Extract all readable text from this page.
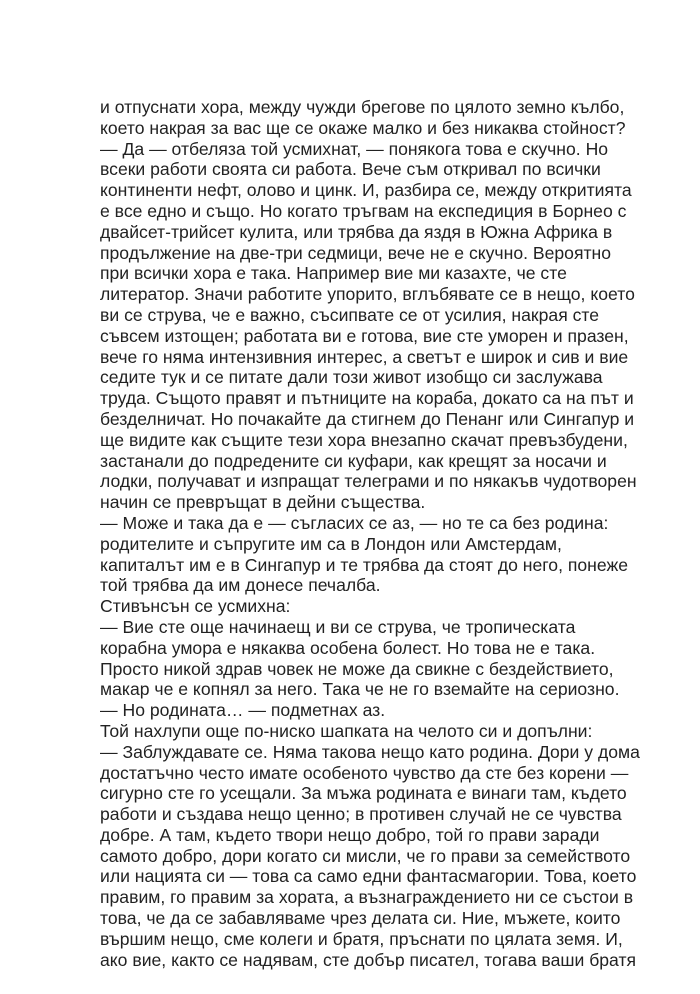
и отпуснати хора, между чужди брегове по цялото земно кълбо,
което накрая за вас ще се окаже малко и без никаква стойност?
— Да — отбеляза той усмихнат, — понякога това е скучно. Но
всеки работи своята си работа. Вече съм откривал по всички
континенти нефт, олово и цинк. И, разбира се, между откритията
е все едно и също. Но когато тръгвам на експедиция в Борнео с
двайсет-трийсет кулита, или трябва да яздя в Южна Африка в
продължение на две-три седмици, вече не е скучно. Вероятно
при всички хора е така. Например вие ми казахте, че сте
литератор. Значи работите упорито, вглъбявате се в нещо, което
ви се струва, че е важно, съсипвате се от усилия, накрая сте
съвсем изтощен; работата ви е готова, вие сте уморен и празен,
вече го няма интензивния интерес, а светът е широк и сив и вие
седите тук и се питате дали този живот изобщо си заслужава
труда. Същото правят и пътниците на кораба, докато са на път и
безделничат. Но почакайте да стигнем до Пенанг или Сингапур и
ще видите как същите тези хора внезапно скачат превъзбудени,
застанали до подредените си куфари, как крещят за носачи и
лодки, получават и изпращат телеграми и по някакъв чудотворен
начин се превръщат в дейни същества.
— Може и така да е — съгласих се аз, — но те са без родина:
родителите и съпругите им са в Лондон или Амстердам,
капиталът им е в Сингапур и те трябва да стоят до него, понеже
той трябва да им донесе печалба.
Стивънсън се усмихна:
— Вие сте още начинаещ и ви се струва, че тропическата
корабна умора е някаква особена болест. Но това не е така.
Просто никой здрав човек не може да свикне с бездействието,
макар че е копнял за него. Така че не го вземайте на сериозно.
— Но родината… — подметнах аз.
Той нахлупи още по-ниско шапката на челото си и допълни:
— Заблуждавате се. Няма такова нещо като родина. Дори у дома
достатъчно често имате особеното чувство да сте без корени —
сигурно сте го усещали. За мъжа родината е винаги там, където
работи и създава нещо ценно; в противен случай не се чувства
добре. А там, където твори нещо добро, той го прави заради
самото добро, дори когато си мисли, че го прави за семейството
или нацията си — това са само едни фантасмагории. Това, което
правим, го правим за хората, а възнаграждението ни се състои в
това, че да се забавляваме чрез делата си. Ние, мъжете, които
вършим нещо, сме колеги и братя, пръснати по цялата земя. И,
ако вие, както се надявам, сте добър писател, тогава ваши братя
